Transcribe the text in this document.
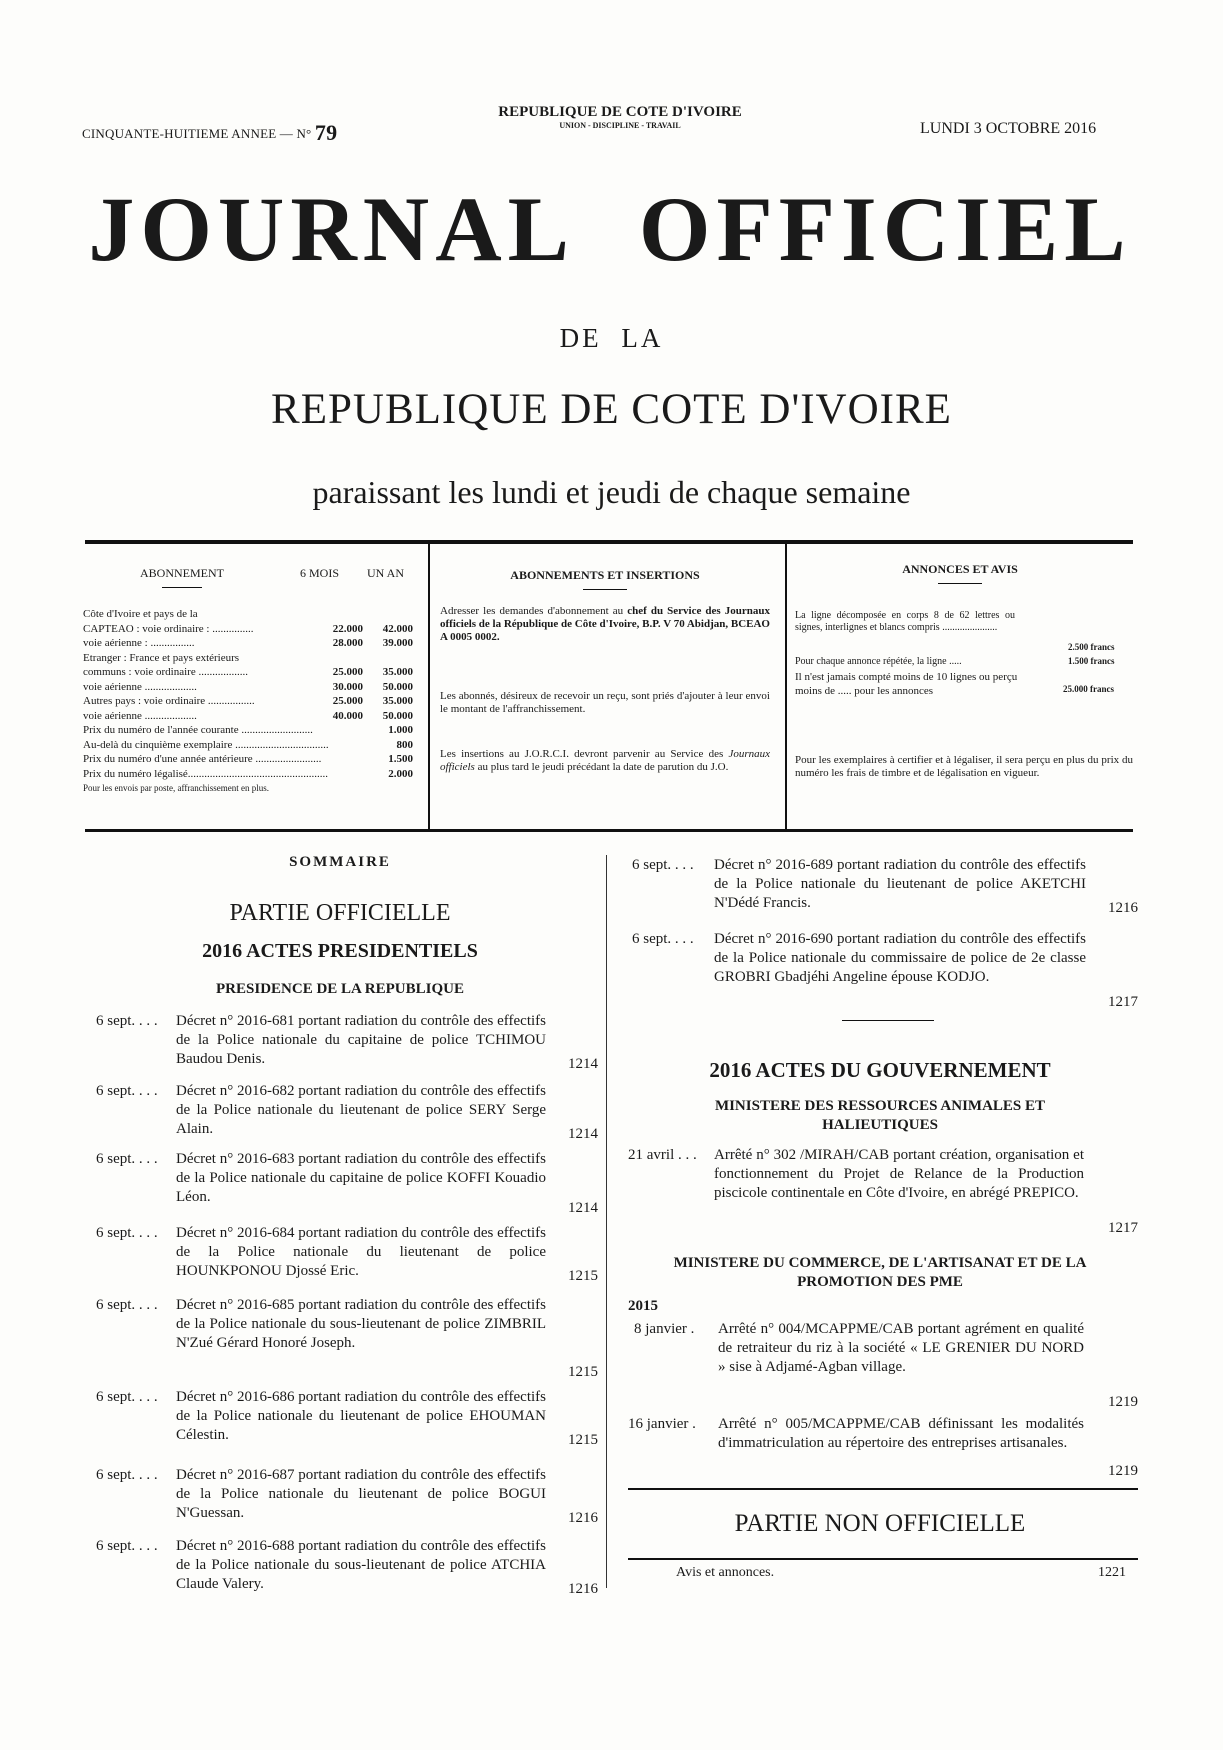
CINQUANTE-HUITIEME ANNEE — N° 79
REPUBLIQUE DE COTE D'IVOIRE
UNION - DISCIPLINE - TRAVAIL	LUNDI 3 OCTOBRE 2016
JOURNAL OFFICIEL
DE LA
REPUBLIQUE DE COTE D'IVOIRE
paraissant les lundi et jeudi de chaque semaine
ABONNEMENT	6 MOIS UN AN
Côte d'Ivoire et pays de la
CAPTEAO : voie ordinaire : ...............	22.000 42.000
voie aérienne : ................	28.000 39.000
Etranger : France et pays extérieurs
communs : voie ordinaire ..................	25.000 35.000
voie aérienne ...................	30.000 50.000
Autres pays : voie ordinaire .................	25.000 35.000
voie aérienne ...................	40.000 50.000
Prix du numéro de l'année courante ..........................	1.000
Au-delà du cinquième exemplaire ..................................	800
Prix du numéro d'une année antérieure ........................	1.500
Prix du numéro légalisé...................................................	2.000
Pour les envois par poste, affranchissement en plus.
ABONNEMENTS ET INSERTIONS
Adresser les demandes d'abonnement au chef du Service des Journaux officiels de la République de Côte d'Ivoire, B.P. V 70 Abidjan, BCEAO A 0005 0002.
Les abonnés, désireux de recevoir un reçu, sont priés d'ajouter à leur envoi le montant de l'affranchissement.
Les insertions au J.O.R.C.I. devront parvenir au Service des Journaux officiels au plus tard le jeudi précédant la date de parution du J.O.
ANNONCES ET AVIS
La ligne décomposée en corps 8 de 62 lettres ou signes, interlignes et blancs compris ......................
2.500 francs
Pour chaque annonce répétée, la ligne .....	1.500 francs
Il n'est jamais compté moins de 10 lignes ou perçu moins de ..... pour les annonces	25.000 francs
Pour les exemplaires à certifier et à légaliser, il sera perçu en plus du prix du numéro les frais de timbre et de légalisation en vigueur.
SOMMAIRE
PARTIE OFFICIELLE
2016 ACTES PRESIDENTIELS
PRESIDENCE DE LA REPUBLIQUE
6 sept. . . . Décret n° 2016-681 portant radiation du contrôle des effectifs de la Police nationale du capitaine de police TCHIMOU Baudou Denis.	1214
6 sept. . . . Décret n° 2016-682 portant radiation du contrôle des effectifs de la Police nationale du lieutenant de police SERY Serge Alain.	1214
6 sept. . . . Décret n° 2016-683 portant radiation du contrôle des effectifs de la Police nationale du capitaine de police KOFFI Kouadio Léon.
1214
6 sept. . . . Décret n° 2016-684 portant radiation du contrôle des effectifs de la Police nationale du lieutenant de police HOUNKPONOU Djossé Eric.	1215
6 sept. . . . Décret n° 2016-685 portant radiation du contrôle des effectifs de la Police nationale du sous-lieutenant de police ZIMBRIL N'Zué Gérard Honoré Joseph.
1215
6 sept. . . . Décret n° 2016-686 portant radiation du contrôle des effectifs de la Police nationale du lieutenant de police EHOUMAN Célestin.	1215
6 sept. . . . Décret n° 2016-687 portant radiation du contrôle des effectifs de la Police nationale du lieutenant de police BOGUI N'Guessan.	1216
6 sept. . . . Décret n° 2016-688 portant radiation du contrôle des effectifs de la Police nationale du sous-lieutenant de police ATCHIA Claude Valery.	1216
6 sept. . . . Décret n° 2016-689 portant radiation du contrôle des effectifs de la Police nationale du lieutenant de police AKETCHI N'Dédé Francis.	1216
6 sept. . . . Décret n° 2016-690 portant radiation du contrôle des effectifs de la Police nationale du commissaire de police de 2e classe GROBRI Gbadjéhi Angeline épouse KODJO.
1217
2016 ACTES DU GOUVERNEMENT
MINISTERE DES RESSOURCES ANIMALES ET HALIEUTIQUES
21 avril . . . Arrêté n° 302 /MIRAH/CAB portant création, organisation et fonctionnement du Projet de Relance de la Production piscicole continentale en Côte d'Ivoire, en abrégé PREPICO.
1217
MINISTERE DU COMMERCE, DE L'ARTISANAT ET DE LA PROMOTION DES PME
2015
8 janvier . Arrêté n° 004/MCAPPME/CAB portant agrément en qualité de retraiteur du riz à la société « LE GRENIER DU NORD » sise à Adjamé-Agban village.
1219
16 janvier . Arrêté n° 005/MCAPPME/CAB définissant les modalités d'immatriculation au répertoire des entreprises artisanales.
1219
PARTIE NON OFFICIELLE
Avis et annonces.	1221
